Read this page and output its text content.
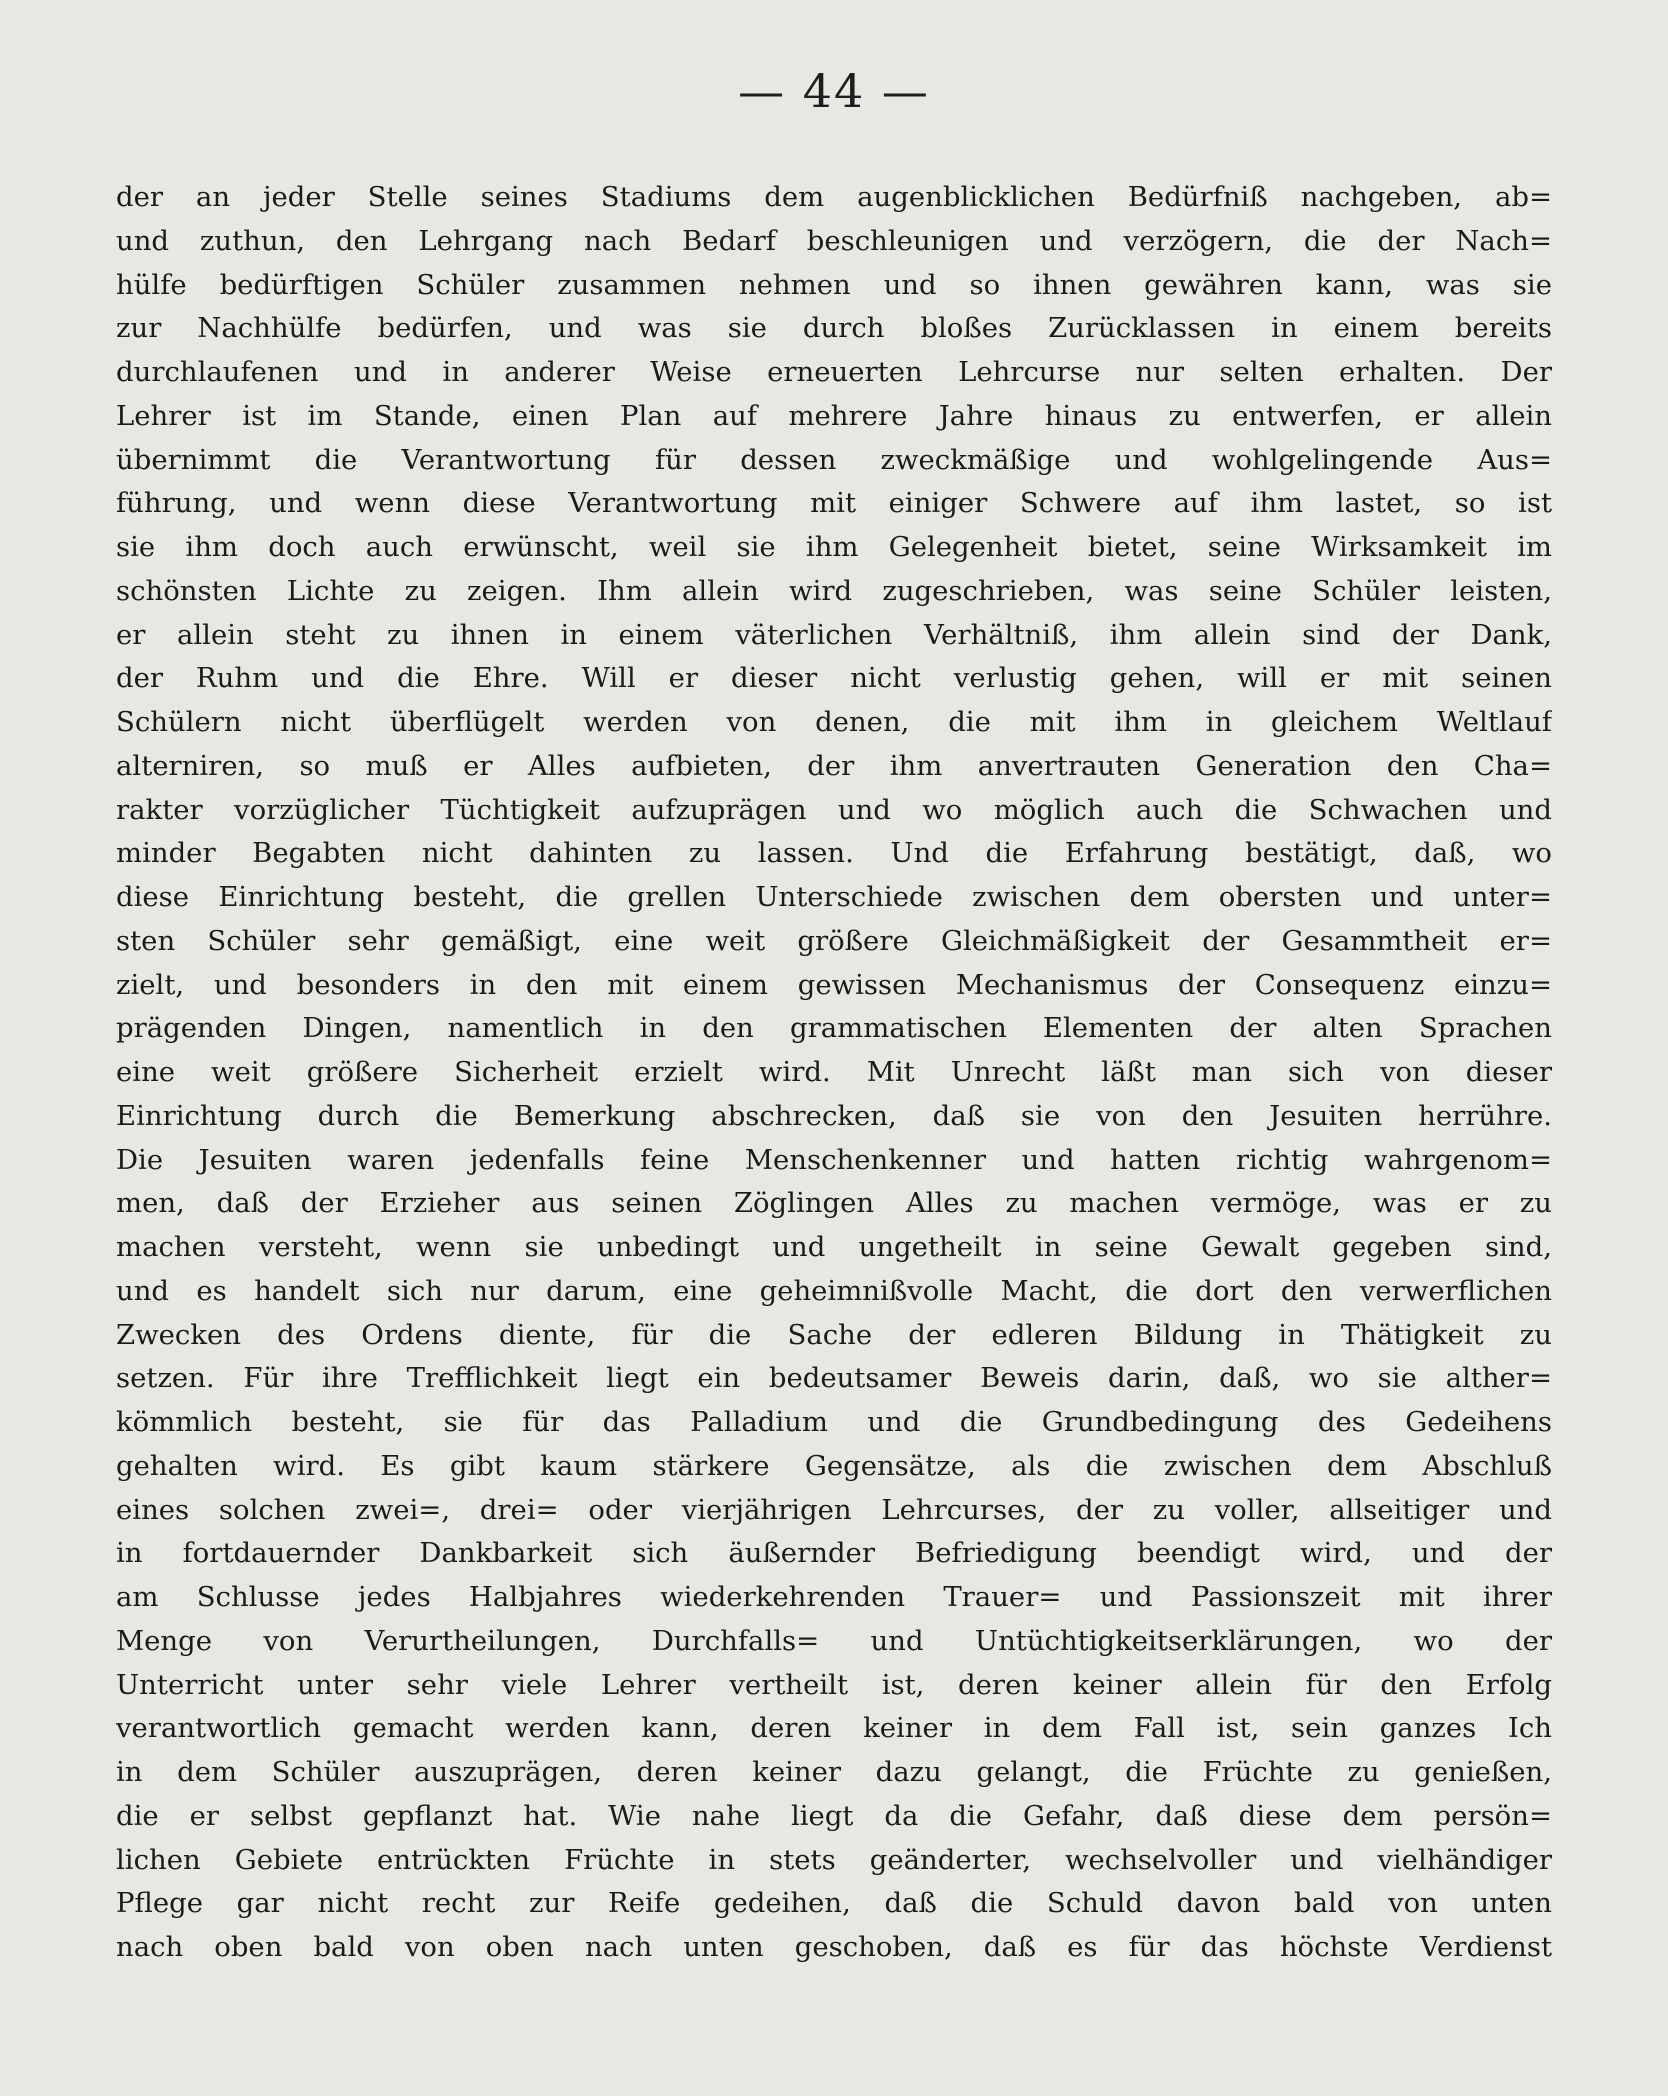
— 44 —
der an jeder Stelle seines Stadiums dem augenblicklichen Bedürfniß nachgeben, ab=
und zuthun, den Lehrgang nach Bedarf beschleunigen und verzögern, die der Nach=
hülfe bedürftigen Schüler zusammen nehmen und so ihnen gewähren kann, was sie
zur Nachhülfe bedürfen, und was sie durch bloßes Zurücklassen in einem bereits
durchlaufenen und in anderer Weise erneuerten Lehrcurse nur selten erhalten. Der
Lehrer ist im Stande, einen Plan auf mehrere Jahre hinaus zu entwerfen, er allein
übernimmt die Verantwortung für dessen zweckmäßige und wohlgelingende Aus=
führung, und wenn diese Verantwortung mit einiger Schwere auf ihm lastet, so ist
sie ihm doch auch erwünscht, weil sie ihm Gelegenheit bietet, seine Wirksamkeit im
schönsten Lichte zu zeigen. Ihm allein wird zugeschrieben, was seine Schüler leisten,
er allein steht zu ihnen in einem väterlichen Verhältniß, ihm allein sind der Dank,
der Ruhm und die Ehre. Will er dieser nicht verlustig gehen, will er mit seinen
Schülern nicht überflügelt werden von denen, die mit ihm in gleichem Weltlauf
alterniren, so muß er Alles aufbieten, der ihm anvertrauten Generation den Cha=
rakter vorzüglicher Tüchtigkeit aufzuprägen und wo möglich auch die Schwachen und
minder Begabten nicht dahinten zu lassen. Und die Erfahrung bestätigt, daß, wo
diese Einrichtung besteht, die grellen Unterschiede zwischen dem obersten und unter=
sten Schüler sehr gemäßigt, eine weit größere Gleichmäßigkeit der Gesammtheit er=
zielt, und besonders in den mit einem gewissen Mechanismus der Consequenz einzu=
prägenden Dingen, namentlich in den grammatischen Elementen der alten Sprachen
eine weit größere Sicherheit erzielt wird. Mit Unrecht läßt man sich von dieser
Einrichtung durch die Bemerkung abschrecken, daß sie von den Jesuiten herrühre.
Die Jesuiten waren jedenfalls feine Menschenkenner und hatten richtig wahrgenom=
men, daß der Erzieher aus seinen Zöglingen Alles zu machen vermöge, was er zu
machen versteht, wenn sie unbedingt und ungetheilt in seine Gewalt gegeben sind,
und es handelt sich nur darum, eine geheimnißvolle Macht, die dort den verwerflichen
Zwecken des Ordens diente, für die Sache der edleren Bildung in Thätigkeit zu
setzen. Für ihre Trefflichkeit liegt ein bedeutsamer Beweis darin, daß, wo sie alther=
kömmlich besteht, sie für das Palladium und die Grundbedingung des Gedeihens
gehalten wird. Es gibt kaum stärkere Gegensätze, als die zwischen dem Abschluß
eines solchen zwei=, drei= oder vierjährigen Lehrcurses, der zu voller, allseitiger und
in fortdauernder Dankbarkeit sich äußernder Befriedigung beendigt wird, und der
am Schlusse jedes Halbjahres wiederkehrenden Trauer= und Passionszeit mit ihrer
Menge von Verurtheilungen, Durchfalls= und Untüchtigkeitserklärungen, wo der
Unterricht unter sehr viele Lehrer vertheilt ist, deren keiner allein für den Erfolg
verantwortlich gemacht werden kann, deren keiner in dem Fall ist, sein ganzes Ich
in dem Schüler auszuprägen, deren keiner dazu gelangt, die Früchte zu genießen,
die er selbst gepflanzt hat. Wie nahe liegt da die Gefahr, daß diese dem persön=
lichen Gebiete entrückten Früchte in stets geänderter, wechselvoller und vielhändiger
Pflege gar nicht recht zur Reife gedeihen, daß die Schuld davon bald von unten
nach oben bald von oben nach unten geschoben, daß es für das höchste Verdienst
